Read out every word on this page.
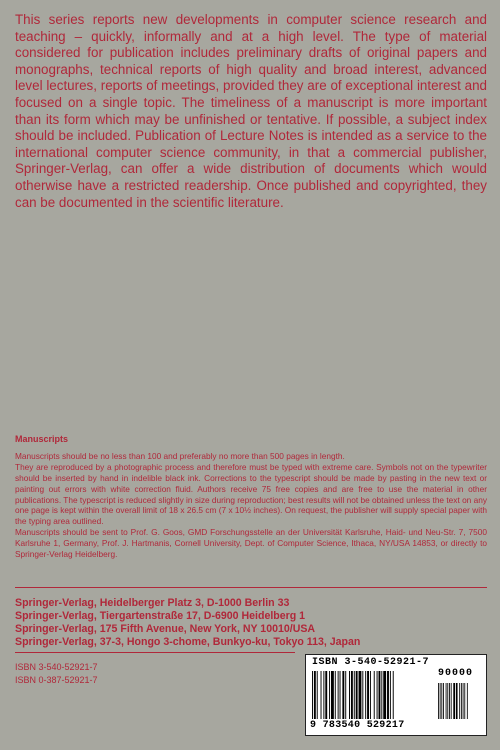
This series reports new developments in computer science research and teaching – quickly, informally and at a high level. The type of material considered for publication includes preliminary drafts of original papers and monographs, technical reports of high quality and broad interest, advanced level lectures, reports of meetings, provided they are of exceptional interest and focused on a single topic. The timeliness of a manuscript is more important than its form which may be unfinished or tentative. If possible, a subject index should be included. Publication of Lecture Notes is intended as a service to the international computer science community, in that a commercial publisher, Springer-Verlag, can offer a wide distribution of documents which would otherwise have a restricted readership. Once published and copyrighted, they can be documented in the scientific literature.

Manuscripts

Manuscripts should be no less than 100 and preferably no more than 500 pages in length.

They are reproduced by a photographic process and therefore must be typed with extreme care. Symbols not on the typewriter should be inserted by hand in indelible black ink. Corrections to the typescript should be made by pasting in the new text or painting out errors with white correction fluid. Authors receive 75 free copies and are free to use the material in other publications. The typescript is reduced slightly in size during reproduction; best results will not be obtained unless the text on any one page is kept within the overall limit of 18 x 26.5 cm (7 x 10½ inches). On request, the publisher will supply special paper with the typing area outlined.

Manuscripts should be sent to Prof. G. Goos, GMD Forschungsstelle an der Universität Karlsruhe, Haid- und Neu-Str. 7, 7500 Karlsruhe 1, Germany, Prof. J. Hartmanis, Cornell University, Dept. of Computer Science, Ithaca, NY/USA 14853, or directly to Springer-Verlag Heidelberg.

Springer-Verlag, Heidelberger Platz 3, D-1000 Berlin 33
Springer-Verlag, Tiergartenstraße 17, D-6900 Heidelberg 1
Springer-Verlag, 175 Fifth Avenue, New York, NY 10010/USA
Springer-Verlag, 37-3, Hongo 3-chome, Bunkyo-ku, Tokyo 113, Japan
ISBN 3-540-52921-7
ISBN 0-387-52921-7
ISBN 3-540-52921-7
90000
9 783540 529217
